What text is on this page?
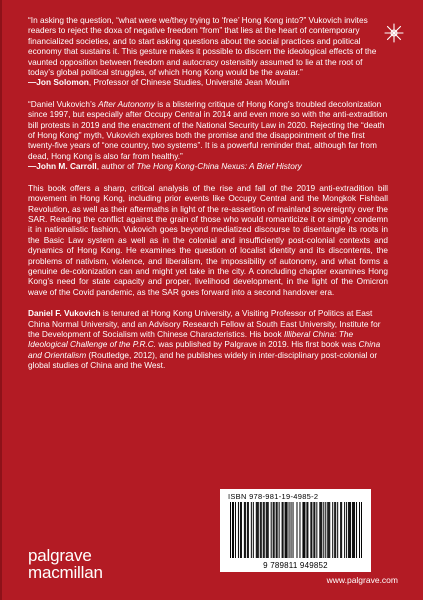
“In asking the question, “what were we/they trying to ‘free’ Hong Kong into?” Vukovich invites readers to reject the doxa of negative freedom “from” that lies at the heart of contemporary financialized societies, and to start asking questions about the social practices and political economy that sustains it. This gesture makes it possible to discern the ideological effects of the vaunted opposition between freedom and autocracy ostensibly assumed to lie at the root of today’s global political struggles, of which Hong Kong would be the avatar.”

—Jon Solomon, Professor of Chinese Studies, Université Jean Moulin

“Daniel Vukovich’s After Autonomy is a blistering critique of Hong Kong’s troubled decolonization since 1997, but especially after Occupy Central in 2014 and even more so with the anti-extradition bill protests in 2019 and the enactment of the National Security Law in 2020. Rejecting the “death of Hong Kong” myth, Vukovich explores both the promise and the disappointment of the first twenty-five years of “one country, two systems”. It is a powerful reminder that, although far from dead, Hong Kong is also far from healthy.”

—John M. Carroll, author of The Hong Kong-China Nexus: A Brief History

This book offers a sharp, critical analysis of the rise and fall of the 2019 anti-extradition bill movement in Hong Kong, including prior events like Occupy Central and the Mongkok Fishball Revolution, as well as their aftermaths in light of the re-assertion of mainland sovereignty over the SAR. Reading the conflict against the grain of those who would romanticize it or simply condemn it in nationalistic fashion, Vukovich goes beyond mediatized discourse to disentangle its roots in the Basic Law system as well as in the colonial and insufficiently post-colonial contexts and dynamics of Hong Kong. He examines the question of localist identity and its discontents, the problems of nativism, violence, and liberalism, the impossibility of autonomy, and what forms a genuine de-colonization can and might yet take in the city. A concluding chapter examines Hong Kong’s need for state capacity and proper, livelihood development, in the light of the Omicron wave of the Covid pandemic, as the SAR goes forward into a second handover era.

Daniel F. Vukovich is tenured at Hong Kong University, a Visiting Professor of Politics at East China Normal University, and an Advisory Research Fellow at South East University, Institute for the Development of Socialism with Chinese Characteristics. His book Illiberal China: The Ideological Challenge of the P.R.C. was published by Palgrave in 2019. His first book was China and Orientalism (Routledge, 2012), and he publishes widely in inter-disciplinary post-colonial or global studies of China and the West.

ISBN 978-981-19-4985-2
9 789811 949852
palgrave
macmillan	www.palgrave.com
